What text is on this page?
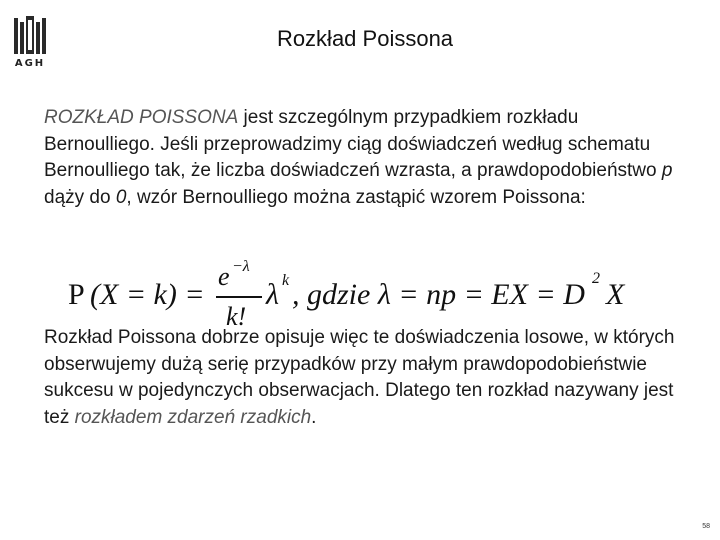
AGH
Rozkład Poissona
ROZKŁAD POISSONA jest szczególnym przypadkiem rozkładu Bernoulliego. Jeśli przeprowadzimy ciąg doświadczeń według schematu Bernoulliego tak, że liczba doświadczeń wzrasta, a prawdopodobieństwo p dąży do 0, wzór Bernoulliego można zastąpić wzorem Poissona:
P (X = k) =
e −λ
k!
λ k , gdzie λ = np = EX = D 2 X
Rozkład Poissona dobrze opisuje więc te doświadczenia losowe, w których obserwujemy dużą serię przypadków przy małym prawdopodobieństwie sukcesu w pojedynczych obserwacjach. Dlatego ten rozkład nazywany jest też rozkładem zdarzeń rzadkich.
58
